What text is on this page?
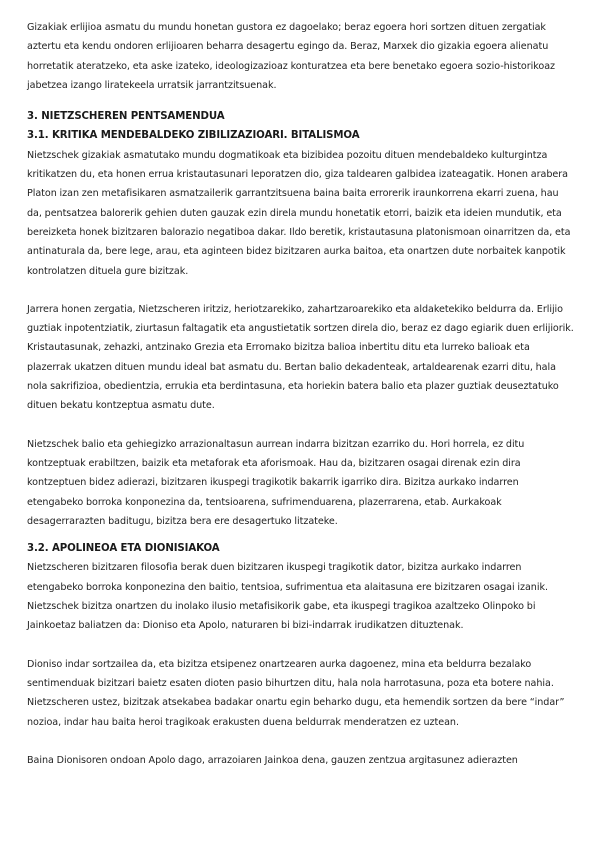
Gizakiak erlijioa asmatu du mundu honetan gustora ez dagoelako; beraz egoera hori sortzen dituen zergatiak aztertu eta kendu ondoren erlijioaren beharra desagertu egingo da. Beraz, Marxek dio gizakia egoera alienatu horretatik ateratzeko, eta aske izateko, ideologizazioaz konturatzea eta bere benetako egoera sozio-historikoaz jabetzea izango liratekeela urratsik jarrantzitsuenak.

3. NIETZSCHEREN PENTSAMENDUA

3.1. KRITIKA MENDEBALDEKO ZIBILIZAZIOARI. BITALISMOA

Nietzschek gizakiak asmatutako mundu dogmatikoak eta bizibidea pozoitu dituen mendebaldeko kulturgintza kritikatzen du, eta honen errua kristautasunari leporatzen dio, giza taldearen galbidea izateagatik. Honen arabera Platon izan zen metafisikaren asmatzailerik garrantzitsuena baina baita errorerik iraunkorrena ekarri zuena, hau da, pentsatzea balorerik gehien duten gauzak ezin direla mundu honetatik etorri, baizik eta ideien mundutik, eta bereizketa honek bizitzaren balorazio negatiboa dakar. Ildo beretik, kristautasuna platonismoan oinarritzen da, eta antinaturala da, bere lege, arau, eta aginteen bidez bizitzaren aurka baitoa, eta onartzen dute norbaitek kanpotik kontrolatzen dituela gure bizitzak.

Jarrera honen zergatia, Nietzscheren iritziz, heriotzarekiko, zahartzaroarekiko eta aldaketekiko beldurra da. Erlijio guztiak inpotentziatik, ziurtasun faltagatik eta angustietatik sortzen direla dio, beraz ez dago egiarik duen erlijiorik. Kristautasunak, zehazki, antzinako Grezia eta Erromako bizitza balioa inbertitu ditu eta lurreko balioak eta plazerrak ukatzen dituen mundu ideal bat asmatu du. Bertan balio dekadenteak, artaldearenak ezarri ditu, hala nola sakrifizioa, obedientzia, errukia eta berdintasuna, eta horiekin batera balio eta plazer guztiak deuseztatuko dituen bekatu kontzeptua asmatu dute.

Nietzschek balio eta gehiegizko arrazionaltasun aurrean indarra bizitzan ezarriko du. Hori horrela, ez ditu kontzeptuak erabiltzen, baizik eta metaforak eta aforismoak. Hau da, bizitzaren osagai direnak ezin dira kontzeptuen bidez adierazi, bizitzaren ikuspegi tragikotik bakarrik igarriko dira. Bizitza aurkako indarren etengabeko borroka konponezina da, tentsioarena, sufrimenduarena, plazerrarena, etab. Aurkakoak desagerrarazten baditugu, bizitza bera ere desagertuko litzateke.

3.2. APOLINEOA ETA DIONISIAKOA

Nietzscheren bizitzaren filosofia berak duen bizitzaren ikuspegi tragikotik dator, bizitza aurkako indarren etengabeko borroka konponezina den baitio, tentsioa, sufrimentua eta alaitasuna ere bizitzaren osagai izanik. Nietzschek bizitza onartzen du inolako ilusio metafisikorik gabe, eta ikuspegi tragikoa azaltzeko Olinpoko bi Jainkoetaz baliatzen da: Dioniso eta Apolo, naturaren bi bizi-indarrak irudikatzen dituztenak.

Dioniso indar sortzailea da, eta bizitza etsipenez onartzearen aurka dagoenez, mina eta beldurra bezalako sentimenduak bizitzari baietz esaten dioten pasio bihurtzen ditu, hala nola harrotasuna, poza eta botere nahia. Nietzscheren ustez, bizitzak atsekabea badakar onartu egin beharko dugu, eta hemendik sortzen da bere “indar” nozioa, indar hau baita heroi tragikoak erakusten duena beldurrak menderatzen ez uztean.

Baina Dionisoren ondoan Apolo dago, arrazoiaren Jainkoa dena, gauzen zentzua argitasunez adierazten
